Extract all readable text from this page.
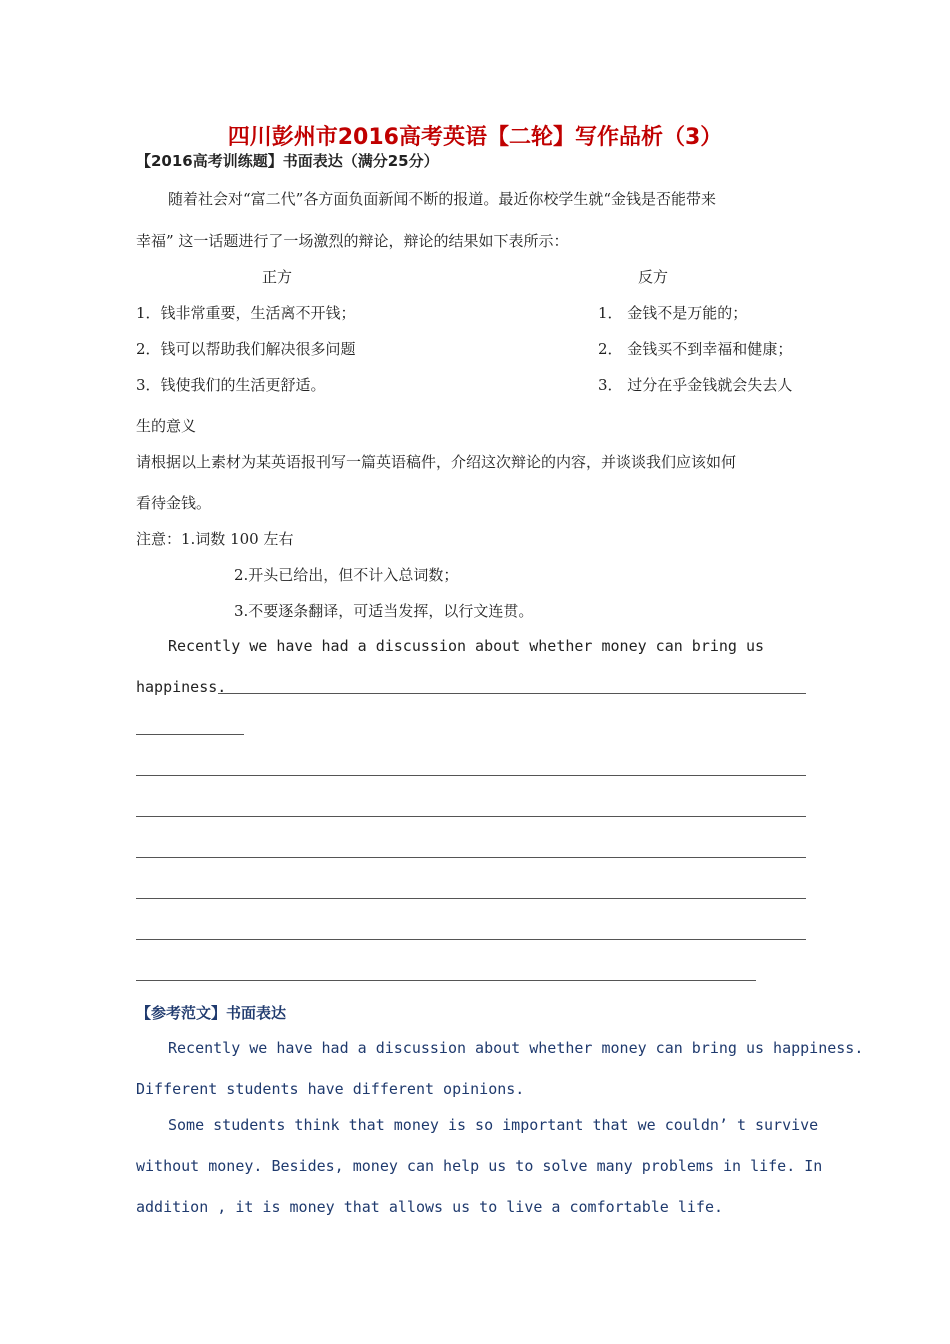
四川彭州市2016高考英语【二轮】写作品析（3）
【2016高考训练题】书面表达（满分25分）
随着社会对“富二代”各方面负面新闻不断的报道。最近你校学生就“金钱是否能带来
幸福” 这一话题进行了一场激烈的辩论，辩论的结果如下表所示：
正方	反方
1．钱非常重要，生活离不开钱；	1． 金钱不是万能的；
2．钱可以帮助我们解决很多问题	2． 金钱买不到幸福和健康；
3．钱使我们的生活更舒适。	3． 过分在乎金钱就会失去人
生的意义
请根据以上素材为某英语报刊写一篇英语稿件，介绍这次辩论的内容，并谈谈我们应该如何
看待金钱。
注意：1.词数 100 左右
2.开头已给出，但不计入总词数；
3.不要逐条翻译，可适当发挥，以行文连贯。
Recently we have had a discussion about whether money can bring us
happiness.
【参考范文】书面表达
Recently we have had a discussion about whether money can bring us happiness.
Different students have different opinions.
Some students think that money is so important that we couldn’ t survive
without money. Besides, money can help us to solve many problems in life. In
addition , it is money that allows us to live a comfortable life.
